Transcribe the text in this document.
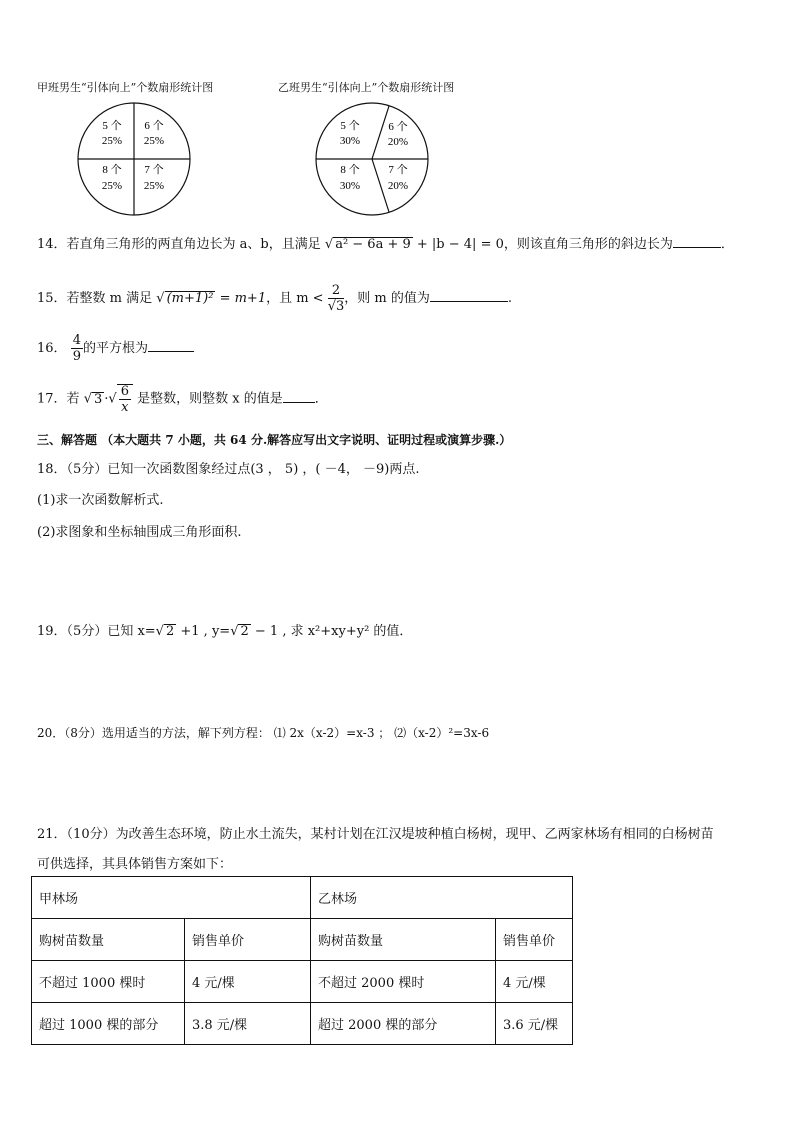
甲班男生“引体向上”个数扇形统计图	乙班男生“引体向上”个数扇形统计图
5 个
25%
6 个
25%
7 个
25%
8 个
25%
5 个
30%
6 个
20%
7 个
20%
8 个
30%
14．若直角三角形的两直角边长为 a、b，且满足 √ a² − 6a + 9 + |b − 4| = 0，则该直角三角形的斜边长为	．
15．若整数 m 满足 √ (m+1)² = m+1，且 $m < \frac{2}{√3}$ ，则 m 的值为	.
16． $\frac{4}{9}$ 的平方根为
17．若 √ 3 ·√ $\frac{6}{x}$ 是整数，则整数 x 的值是 ．
三、解答题 （本大题共 7 小题，共 64 分.解答应写出文字说明、证明过程或演算步骤.）
18．（5分）已知一次函数图象经过点(3 ， 5) ，( －4， －9)两点.
(1)求一次函数解析式.
(2)求图象和坐标轴围成三角形面积.
19．（5分）已知 x=√ 2 +1 , y=√ 2 − 1 , 求 x²+xy+y² 的值．
20．（8分）选用适当的方法，解下列方程： ⑴ 2x（x-2）=x-3 ； ⑵（x-2）²=3x-6
21．（10分）为改善生态环境，防止水土流失，某村计划在江汉堤坡种植白杨树，现甲、乙两家林场有相同的白杨树苗
可供选择，其具体销售方案如下：
甲林场		乙林场	
购树苗数量	销售单价	购树苗数量	销售单价
不超过 1000 棵时	4 元/棵	不超过 2000 棵时	4 元/棵
超过 1000 棵的部分	3.8 元/棵	超过 2000 棵的部分	3.6 元/棵
